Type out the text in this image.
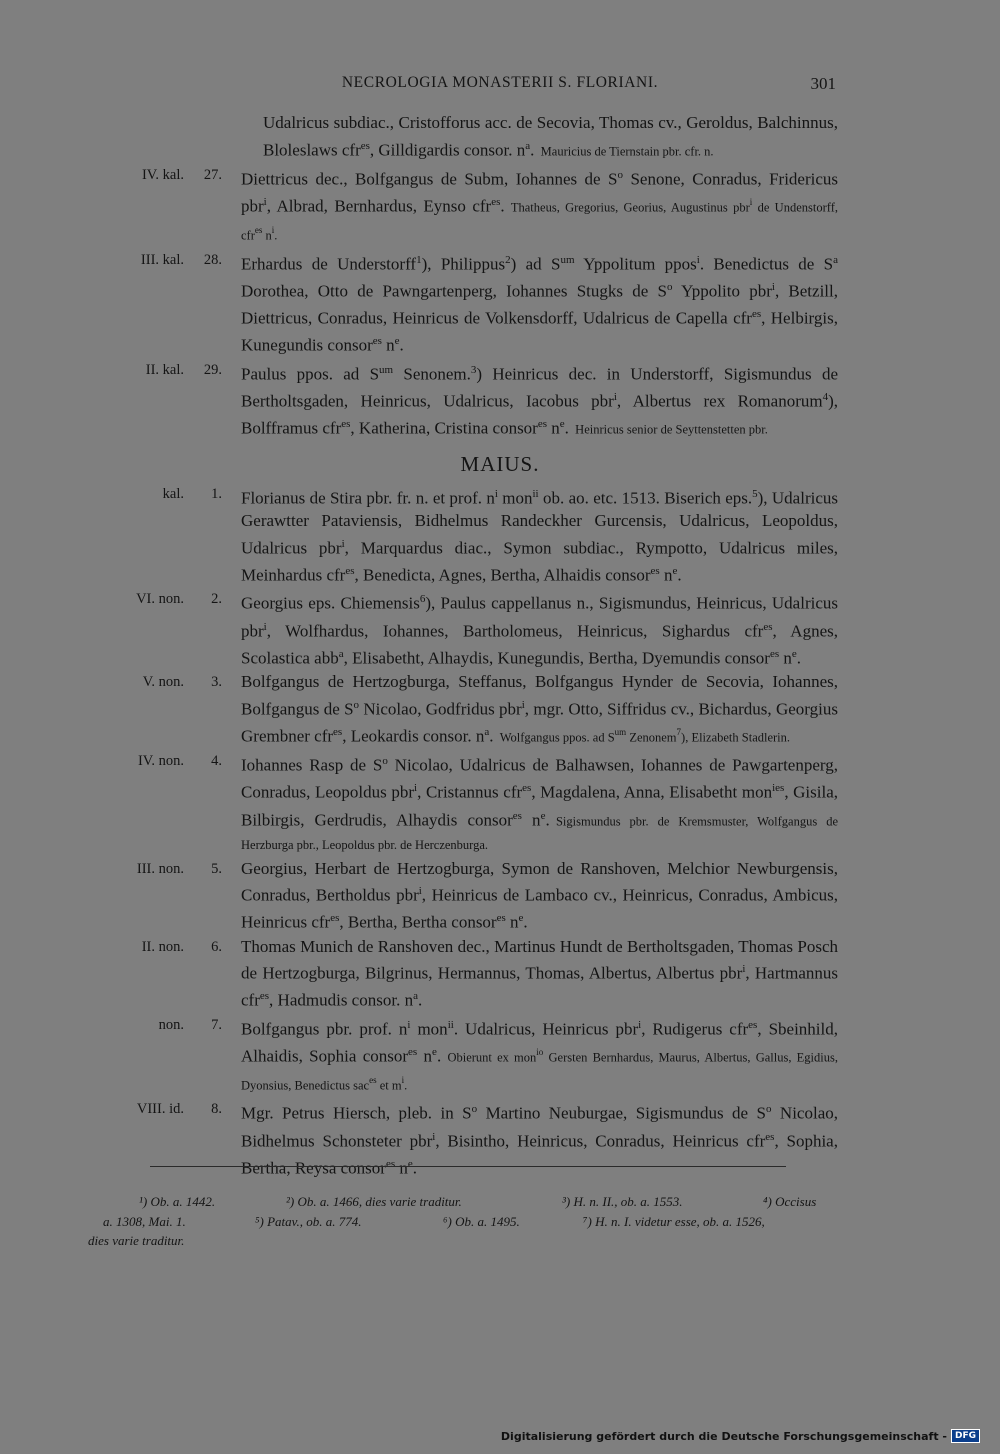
NECROLOGIA MONASTERII S. FLORIANI.	301
Udalricus subdiac., Cristofforus acc. de Secovia, Thomas cv., Geroldus, Balchinnus, Bloleslaws cfr$^{es}$, Gilldigardis consor. $n^a$. Mauricius de Tiernstain pbr. cfr. n.
IV. kal.	27. Diettricus dec., Bolfgangus de Subm, Iohannes de $S^o$ Senone, Conradus, Fridericus pbr$^i$, Albrad, Bernhardus, Eynso cfr$^{es}$. Thatheus, Gregorius, Georius, Augustinus pbr$^i$ de Undenstorff, cfr$^{es}$ $n^i$.
III. kal.	28. Erhardus de Understorff$^1$), Philippus$^2$) ad $S^{um}$ Yppolitum ppos$^i$. Benedictus de $S^a$ Dorothea, Otto de Pawngartenperg, Iohannes Stugks de $S^o$ Yppolito pbr$^i$, Betzill, Diettricus, Conradus, Heinricus de Volkensdorff, Udalricus de Capella cfr$^{es}$, Helbirgis, Kunegundis consor$^{es}$ $n^e$.
II. kal.	29. Paulus ppos. ad $S^{um}$ Senonem.$^3$) Heinricus dec. in Understorff, Sigismundus de Bertholtsgaden, Heinricus, Udalricus, Iacobus pbr$^i$, Albertus rex Romanorum$^4$), Bolfframus cfr$^{es}$, Katherina, Cristina consor$^{es}$ $n^e$. Heinricus senior de Seyttenstetten pbr.
MAIUS.
kal.	1. Florianus de Stira pbr. fr. n. et prof. $n^i$ mon$^{ii}$ ob. ao. etc. 1513. Biserich eps.$^5$), Udalricus Gerawtter Pataviensis, Bidhelmus Randeckher Gurcensis, Udalricus, Leopoldus, Udalricus pbr$^i$, Marquardus diac., Symon subdiac., Rympotto, Udalricus miles, Meinhardus cfr$^{es}$, Benedicta, Agnes, Bertha, Alhaidis consor$^{es}$ $n^e$.
VI. non.	2. Georgius eps. Chiemensis$^6$), Paulus cappellanus n., Sigismundus, Heinricus, Udalricus pbr$^i$, Wolfhardus, Iohannes, Bartholomeus, Heinricus, Sighardus cfr$^{es}$, Agnes, Scolastica abb$^a$, Elisabetht, Alhaydis, Kunegundis, Bertha, Dyemundis consor$^{es}$ $n^e$.
V. non.	3. Bolfgangus de Hertzogburga, Steffanus, Bolfgangus Hynder de Secovia, Iohannes, Bolfgangus de $S^o$ Nicolao, Godfridus pbr$^i$, mgr. Otto, Siffridus cv., Bichardus, Georgius Grembner cfr$^{es}$, Leokardis consor. $n^a$. Wolfgangus ppos. ad $S^{um}$ Zenonem$^7$), Elizabeth Stadlerin.
IV. non.	4. Iohannes Rasp de $S^o$ Nicolao, Udalricus de Balhawsen, Iohannes de Pawgartenperg, Conradus, Leopoldus pbr$^i$, Cristannus cfr$^{es}$, Magdalena, Anna, Elisabetht mon$^{ies}$, Gisila, Bilbirgis, Gerdrudis, Alhaydis consor$^{es}$ $n^e$. Sigismundus pbr. de Kremsmuster, Wolfgangus de Herzburga pbr., Leopoldus pbr. de Herczenburga.
III. non.	5. Georgius, Herbart de Hertzogburga, Symon de Ranshoven, Melchior Newburgensis, Conradus, Bertholdus pbr$^i$, Heinricus de Lambaco cv., Heinricus, Conradus, Ambicus, Heinricus cfr$^{es}$, Bertha, Bertha consor$^{es}$ $n^e$.
II. non.	6. Thomas Munich de Ranshoven dec., Martinus Hundt de Bertholtsgaden, Thomas Posch de Hertzogburga, Bilgrinus, Hermannus, Thomas, Albertus, Albertus pbr$^i$, Hartmannus cfr$^{es}$, Hadmudis consor. $n^a$.
non.	7. Bolfgangus pbr. prof. $n^i$ mon$^{ii}$. Udalricus, Heinricus pbr$^i$, Rudigerus cfr$^{es}$, Sbeinhild, Alhaidis, Sophia consor$^{es}$ $n^e$. Obierunt ex mon$^{io}$ Gersten Bernhardus, Maurus, Albertus, Gallus, Egidius, Dyonsius, Benedictus sac$^{es}$ et $m^i$.
VIII. id.	8. Mgr. Petrus Hiersch, pleb. in $S^o$ Martino Neuburgae, Sigismundus de $S^o$ Nicolao, Bidhelmus Schonsteter pbr$^i$, Bisintho, Heinricus, Conradus, Heinricus cfr$^{es}$, Sophia, Bertha, Reysa consor$^{es}$ $n^e$.
¹) Ob. a. 1442.	²) Ob. a. 1466, dies varie traditur.	³) H. n. II., ob. a. 1553.	⁴) Occisus
a. 1308, Mai. 1.	⁵) Patav., ob. a. 774.	⁶) Ob. a. 1495.	⁷) H. n. I. videtur esse, ob. a. 1526,
dies varie traditur.
Digitalisierung gefördert durch die Deutsche Forschungsgemeinschaft - DFG
